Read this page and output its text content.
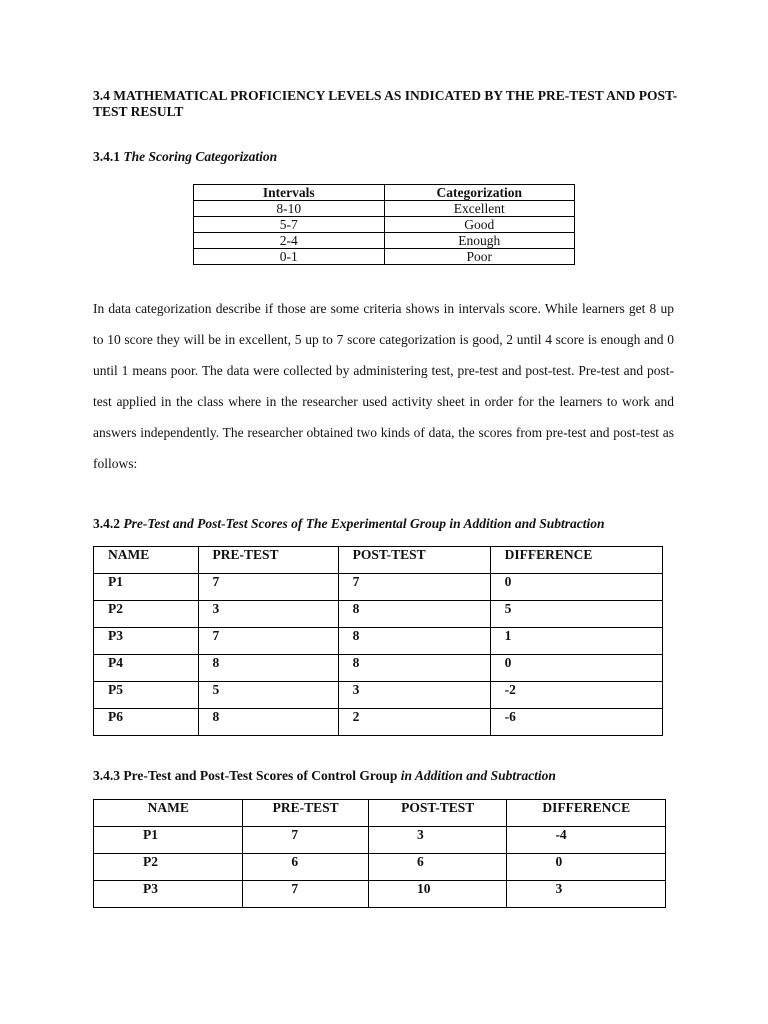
3.4 MATHEMATICAL PROFICIENCY LEVELS AS INDICATED BY THE PRE-TEST AND POST-TEST RESULT
3.4.1 The Scoring Categorization
Intervals	Categorization
8-10	Excellent
5-7	Good
2-4	Enough
0-1	Poor

In data categorization describe if those are some criteria shows in intervals score. While learners get 8 up to 10 score they will be in excellent, 5 up to 7 score categorization is good, 2 until 4 score is enough and 0 until 1 means poor. The data were collected by administering test, pre-test and post-test. Pre-test and post-test applied in the class where in the researcher used activity sheet in order for the learners to work and answers independently. The researcher obtained two kinds of data, the scores from pre-test and post-test as follows:

3.4.2 Pre-Test and Post-Test Scores of The Experimental Group in Addition and Subtraction
NAME	PRE-TEST	POST-TEST	DIFFERENCE
P1	7	7	0
P2	3	8	5
P3	7	8	1
P4	8	8	0
P5	5	3	-2
P6	8	2	-6
3.4.3 Pre-Test and Post-Test Scores of Control Group in Addition and Subtraction
NAME	PRE-TEST	POST-TEST	DIFFERENCE
P1	7	3	-4
P2	6	6	0
P3	7	10	3
